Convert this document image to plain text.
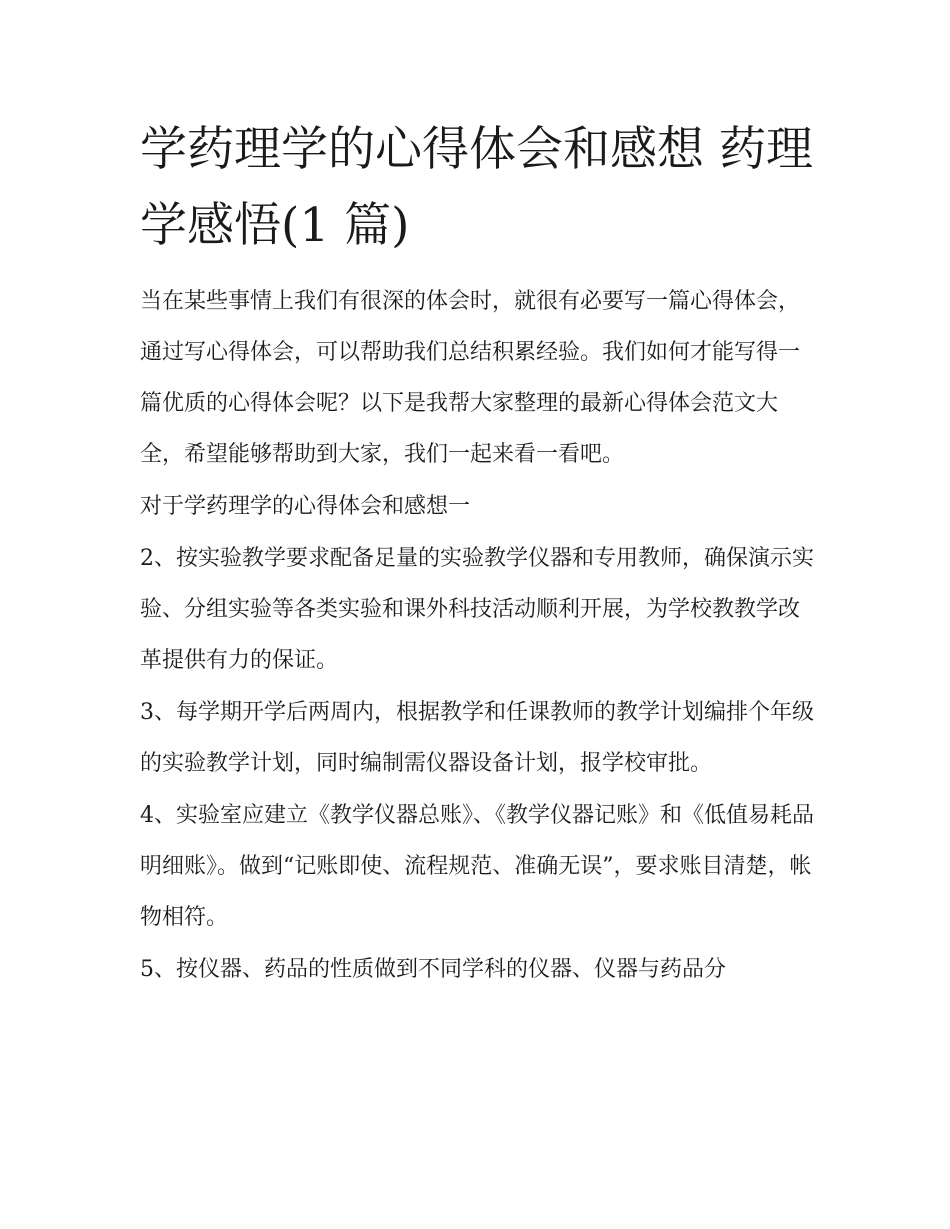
学药理学的心得体会和感想 药理学感悟(1 篇)

当在某些事情上我们有很深的体会时，就很有必要写一篇心得体会，通过写心得体会，可以帮助我们总结积累经验。我们如何才能写得一篇优质的心得体会呢？以下是我帮大家整理的最新心得体会范文大全，希望能够帮助到大家，我们一起来看一看吧。

对于学药理学的心得体会和感想一

2、按实验教学要求配备足量的实验教学仪器和专用教师，确保演示实验、分组实验等各类实验和课外科技活动顺利开展，为学校教教学改革提供有力的保证。

3、每学期开学后两周内，根据教学和任课教师的教学计划编排个年级的实验教学计划，同时编制需仪器设备计划，报学校审批。

4、实验室应建立《教学仪器总账》、《教学仪器记账》和《低值易耗品明细账》。做到“记账即使、流程规范、准确无误”，要求账目清楚，帐物相符。

5、按仪器、药品的性质做到不同学科的仪器、仪器与药品分
